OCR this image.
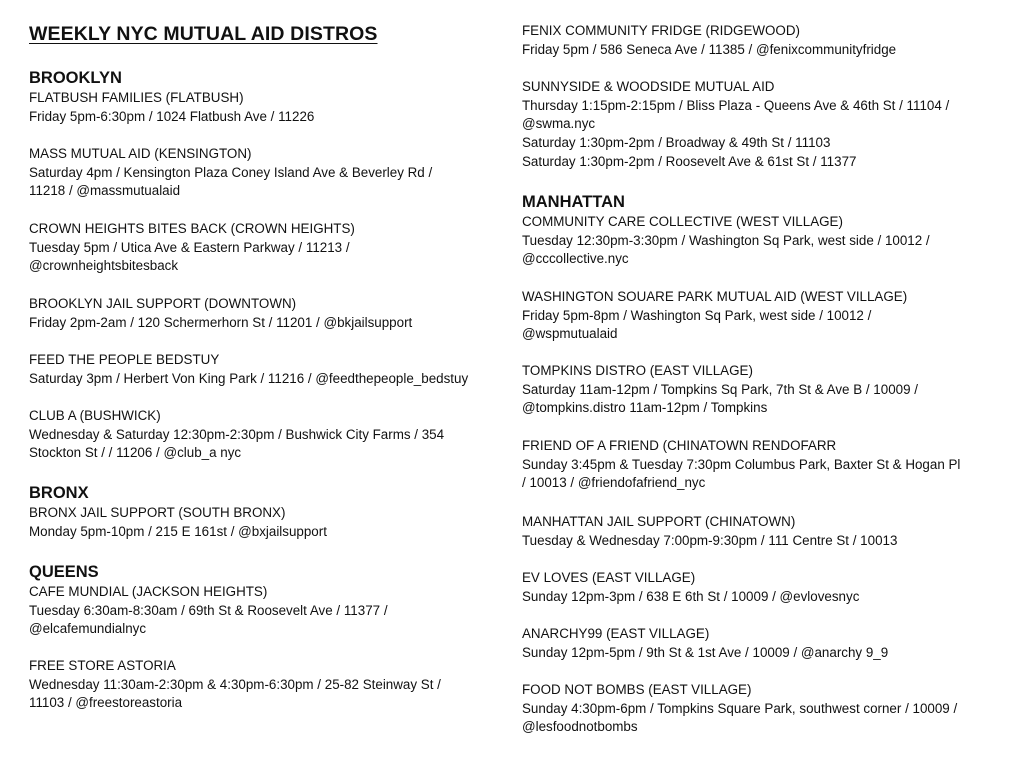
WEEKLY NYC MUTUAL AID DISTROS

BROOKLYN

FLATBUSH FAMILIES (FLATBUSH)
Friday 5pm-6:30pm / 1024 Flatbush Ave / 11226
MASS MUTUAL AID (KENSINGTON)
Saturday 4pm / Kensington Plaza Coney Island Ave & Beverley Rd /
11218 / @massmutualaid
CROWN HEIGHTS BITES BACK (CROWN HEIGHTS)
Tuesday 5pm / Utica Ave & Eastern Parkway / 11213 /
@crownheightsbitesback
BROOKLYN JAIL SUPPORT (DOWNTOWN)
Friday 2pm-2am / 120 Schermerhorn St / 11201 / @bkjailsupport
FEED THE PEOPLE BEDSTUY
Saturday 3pm / Herbert Von King Park / 11216 / @feedthepeople_bedstuy
CLUB A (BUSHWICK)
Wednesday & Saturday 12:30pm-2:30pm / Bushwick City Farms / 354
Stockton St / / 11206 / @club_a nyc

BRONX

BRONX JAIL SUPPORT (SOUTH BRONX)
Monday 5pm-10pm / 215 E 161st / @bxjailsupport

QUEENS

CAFE MUNDIAL (JACKSON HEIGHTS)
Tuesday 6:30am-8:30am / 69th St & Roosevelt Ave / 11377 /
@elcafemundialnyc
FREE STORE ASTORIA
Wednesday 11:30am-2:30pm & 4:30pm-6:30pm / 25-82 Steinway St /
11103 / @freestoreastoria
FENIX COMMUNITY FRIDGE (RIDGEWOOD)
Friday 5pm / 586 Seneca Ave / 11385 / @fenixcommunityfridge
SUNNYSIDE & WOODSIDE MUTUAL AID
Thursday 1:15pm-2:15pm / Bliss Plaza - Queens Ave & 46th St / 11104 /
@swma.nyc
Saturday 1:30pm-2pm / Broadway & 49th St / 11103
Saturday 1:30pm-2pm / Roosevelt Ave & 61st St / 11377

MANHATTAN

COMMUNITY CARE COLLECTIVE (WEST VILLAGE)
Tuesday 12:30pm-3:30pm / Washington Sq Park, west side / 10012 /
@cccollective.nyc
WASHINGTON SOUARE PARK MUTUAL AID (WEST VILLAGE)
Friday 5pm-8pm / Washington Sq Park, west side / 10012 /
@wspmutualaid
TOMPKINS DISTRO (EAST VILLAGE)
Saturday 11am-12pm / Tompkins Sq Park, 7th St & Ave B / 10009 /
@tompkins.distro 11am-12pm / Tompkins
FRIEND OF A FRIEND (CHINATOWN RENDOFARR
Sunday 3:45pm & Tuesday 7:30pm Columbus Park, Baxter St & Hogan Pl
/ 10013 / @friendofafriend_nyc
MANHATTAN JAIL SUPPORT (CHINATOWN)
Tuesday & Wednesday 7:00pm-9:30pm / 111 Centre St / 10013
EV LOVES (EAST VILLAGE)
Sunday 12pm-3pm / 638 E 6th St / 10009 / @evlovesnyc
ANARCHY99 (EAST VILLAGE)
Sunday 12pm-5pm / 9th St & 1st Ave / 10009 / @anarchy 9_9
FOOD NOT BOMBS (EAST VILLAGE)
Sunday 4:30pm-6pm / Tompkins Square Park, southwest corner / 10009 /
@lesfoodnotbombs
